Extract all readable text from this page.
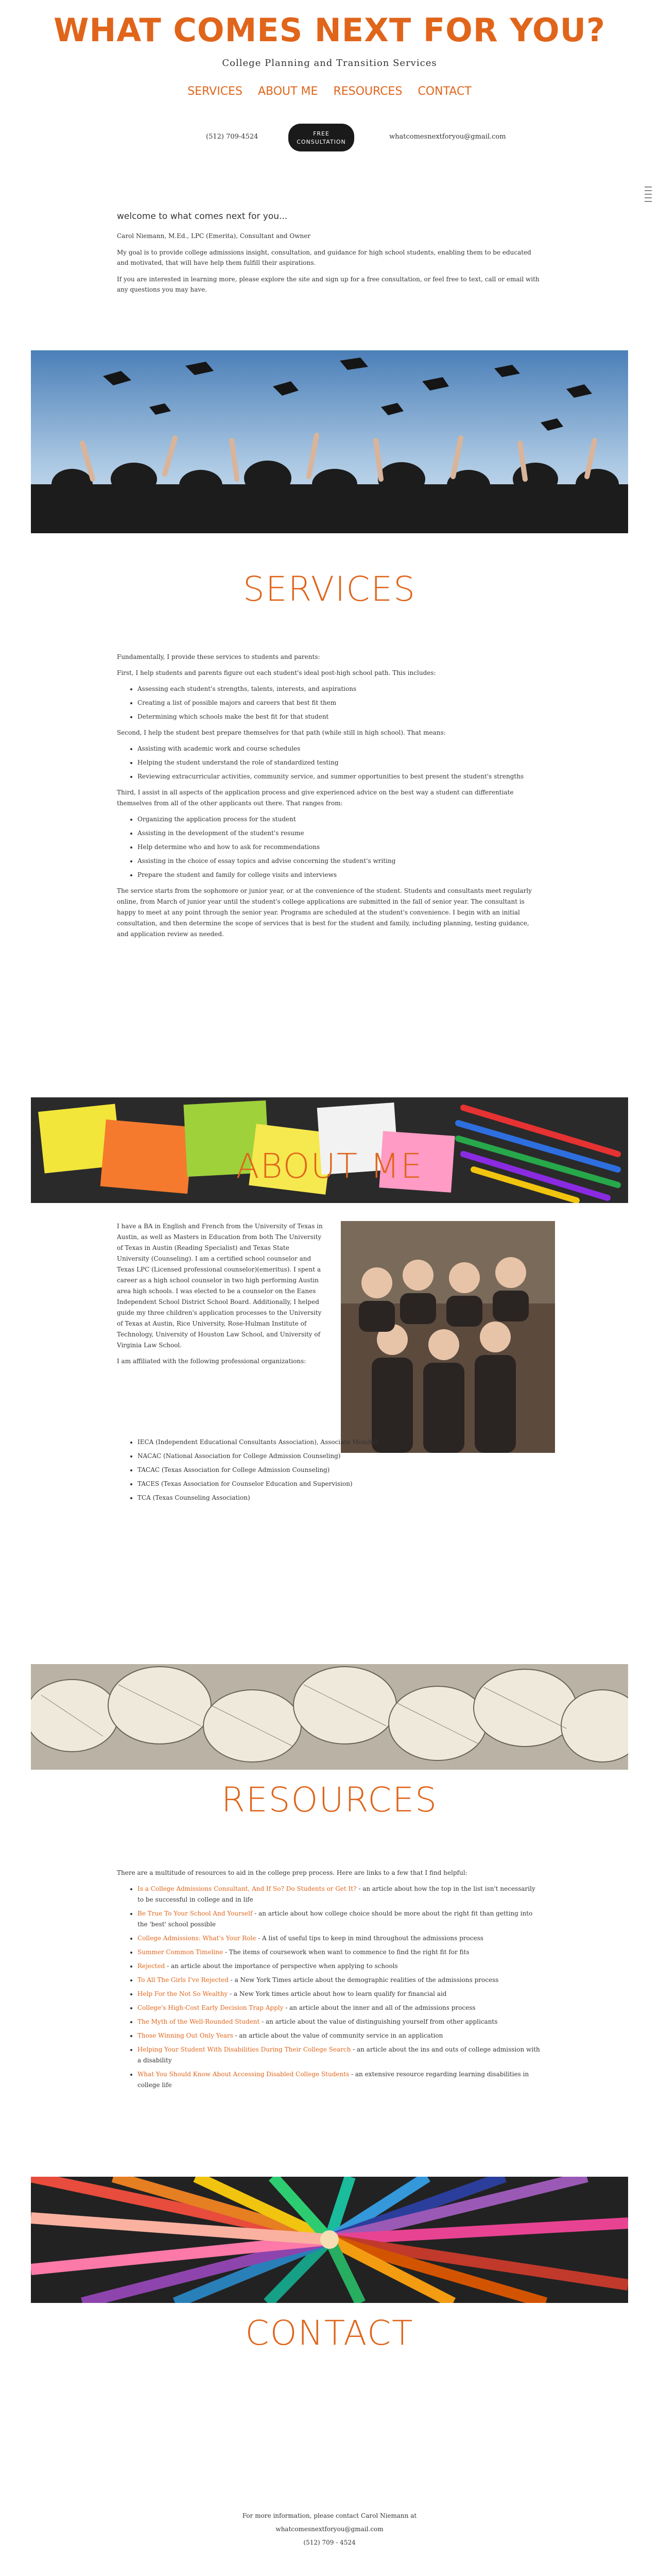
WHAT COMES NEXT FOR YOU?
College Planning and Transition Services
SERVICES ABOUT ME RESOURCES CONTACT
(512) 709-4524	FREE
CONSULTATION
whatcomesnextforyou@gmail.com
welcome to what comes next for you...

Carol Niemann, M.Ed., LPC (Emerita), Consultant and Owner

My goal is to provide college admissions insight, consultation, and guidance for high school students, enabling them to be educated and motivated, that will have help them fulfill their aspirations.

If you are interested in learning more, please explore the site and sign up for a free consultation, or feel free to text, call or email with any questions you may have.

SERVICES

Fundamentally, I provide these services to students and parents:

First, I help students and parents figure out each student's ideal post-high school path. This includes:

• Assessing each student's strengths, talents, interests, and aspirations
• Creating a list of possible majors and careers that best fit them
• Determining which schools make the best fit for that student

Second, I help the student best prepare themselves for that path (while still in high school). That means:

• Assisting with academic work and course schedules
• Helping the student understand the role of standardized testing
• Reviewing extracurricular activities, community service, and summer opportunities to best present the student's strengths

Third, I assist in all aspects of the application process and give experienced advice on the best way a student can differentiate themselves from all of the other applicants out there. That ranges from:

• Organizing the application process for the student
• Assisting in the development of the student's resume
• Help determine who and how to ask for recommendations
• Assisting in the choice of essay topics and advise concerning the student's writing
• Prepare the student and family for college visits and interviews

The service starts from the sophomore or junior year, or at the convenience of the student. Students and consultants meet regularly online, from March of junior year until the student's college applications are submitted in the fall of senior year. The consultant is happy to meet at any point through the senior year. Programs are scheduled at the student's convenience. I begin with an initial consultation, and then determine the scope of services that is best for the student and family, including planning, testing guidance, and application review as needed.

ABOUT ME

I have a BA in English and French from the University of Texas in Austin, as well as Masters in Education from both The University of Texas in Austin (Reading Specialist) and Texas State University (Counseling). I am a certified school counselor and Texas LPC (Licensed professional counselor)(emeritus). I spent a career as a high school counselor in two high performing Austin area high schools. I was elected to be a counselor on the Eanes Independent School District School Board. Additionally, I helped guide my three children's application processes to the University of Texas at Austin, Rice University, Rose-Hulman Institute of Technology, University of Houston Law School, and University of Virginia Law School.

I am affiliated with the following professional organizations:

• IECA (Independent Educational Consultants Association), Associate Member
• NACAC (National Association for College Admission Counseling)
• TACAC (Texas Association for College Admission Counseling)
• TACES (Texas Association for Counselor Education and Supervision)
• TCA (Texas Counseling Association)
RESOURCES

There are a multitude of resources to aid in the college prep process. Here are links to a few that I find helpful:

• Is a College Admissions Consultant, And If So? Do Students or Get It? - an article about how the top in the list isn't necessarily to be successful in college and in life
• Be True To Your School And Yourself - an article about how college choice should be more about the right fit than getting into the 'best' school possible
• College Admissions: What's Your Role - A list of useful tips to keep in mind throughout the admissions process
• Summer Common Timeline - The items of coursework when want to commence to find the right fit for fits
• Rejected - an article about the importance of perspective when applying to schools
• To All The Girls I've Rejected - a New York Times article about the demographic realities of the admissions process
• Help For the Not So Wealthy - a New York times article about how to learn qualify for financial aid
• College's High-Cost Early Decision Trap Apply - an article about the inner and all of the admissions process
• The Myth of the Well-Rounded Student - an article about the value of distinguishing yourself from other applicants
• Those Winning Out Only Years - an article about the value of community service in an application
• Helping Your Student With Disabilities During Their College Search - an article about the ins and outs of college admission with a disability
• What You Should Know About Accessing Disabled College Students - an extensive resource regarding learning disabilities in college life
CONTACT
For more information, please contact Carol Niemann at
whatcomesnextforyou@gmail.com
(512) 709 - 4524
